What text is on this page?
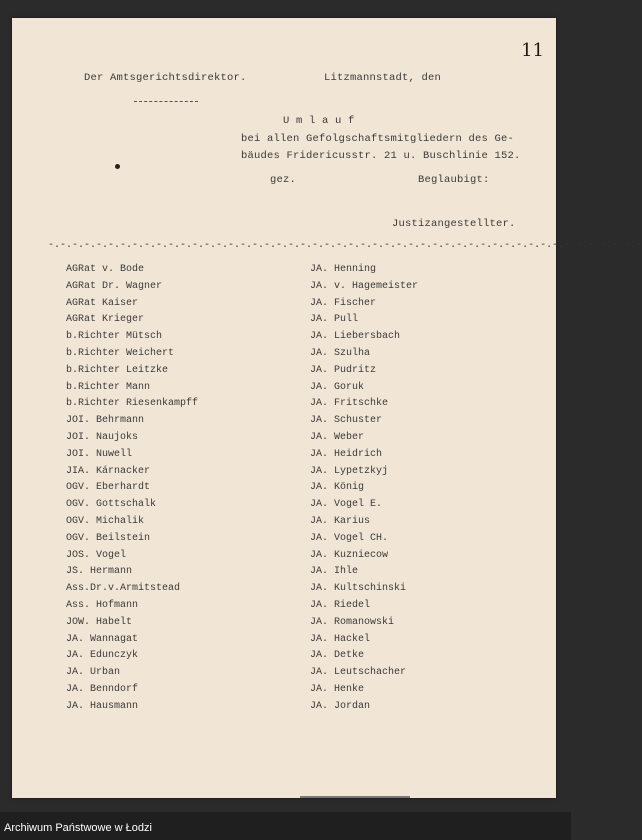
11
Der Amtsgerichtsdirektor.	Litzmannstadt, den
U m l a u f
bei allen Gefolgschaftsmitgliedern des Ge-
bäudes Fridericusstr. 21 u. Buschlinie 152.
gez.	Beglaubigt:
Justizangestellter.
-.-.-.-.-.-.-.-.-.-.-.-.-.-.-.-.-.-.-.-.-.-.-.-.-.-.-.-.-.-.-.-.-.-.-.-.-.-.-.-.-.-.-.-.-.-.-.-.-.-
AGRat v. Bode
AGRat Dr. Wagner
AGRat Kaiser
AGRat Krieger
b.Richter Mütsch
b.Richter Weichert
b.Richter Leitzke
b.Richter Mann
b.Richter Riesenkampff
JOI. Behrmann
JOI. Naujoks
JOI. Nuwell
JIA. Kárnacker
OGV. Eberhardt
OGV. Gottschalk
OGV. Michalik
OGV. Beilstein
JOS. Vogel
JS. Hermann
Ass.Dr.v.Armitstead
Ass. Hofmann
JOW. Habelt
JA. Wannagat
JA. Edunczyk
JA. Urban
JA. Benndorf
JA. Hausmann
JA. Henning
JA. v. Hagemeister
JA. Fischer
JA. Pull
JA. Liebersbach
JA. Szulha
JA. Pudritz
JA. Goruk
JA. Fritschke
JA. Schuster
JA. Weber
JA. Heidrich
JA. Lypetzkyj
JA. König
JA. Vogel E.
JA. Karius
JA. Vogel CH.
JA. Kuzniecow
JA. Ihle
JA. Kultschinski
JA. Riedel
JA. Romanowski
JA. Hackel
JA. Detke
JA. Leutschacher
JA. Henke
JA. Jordan
Archiwum Państwowe w Łodzi
